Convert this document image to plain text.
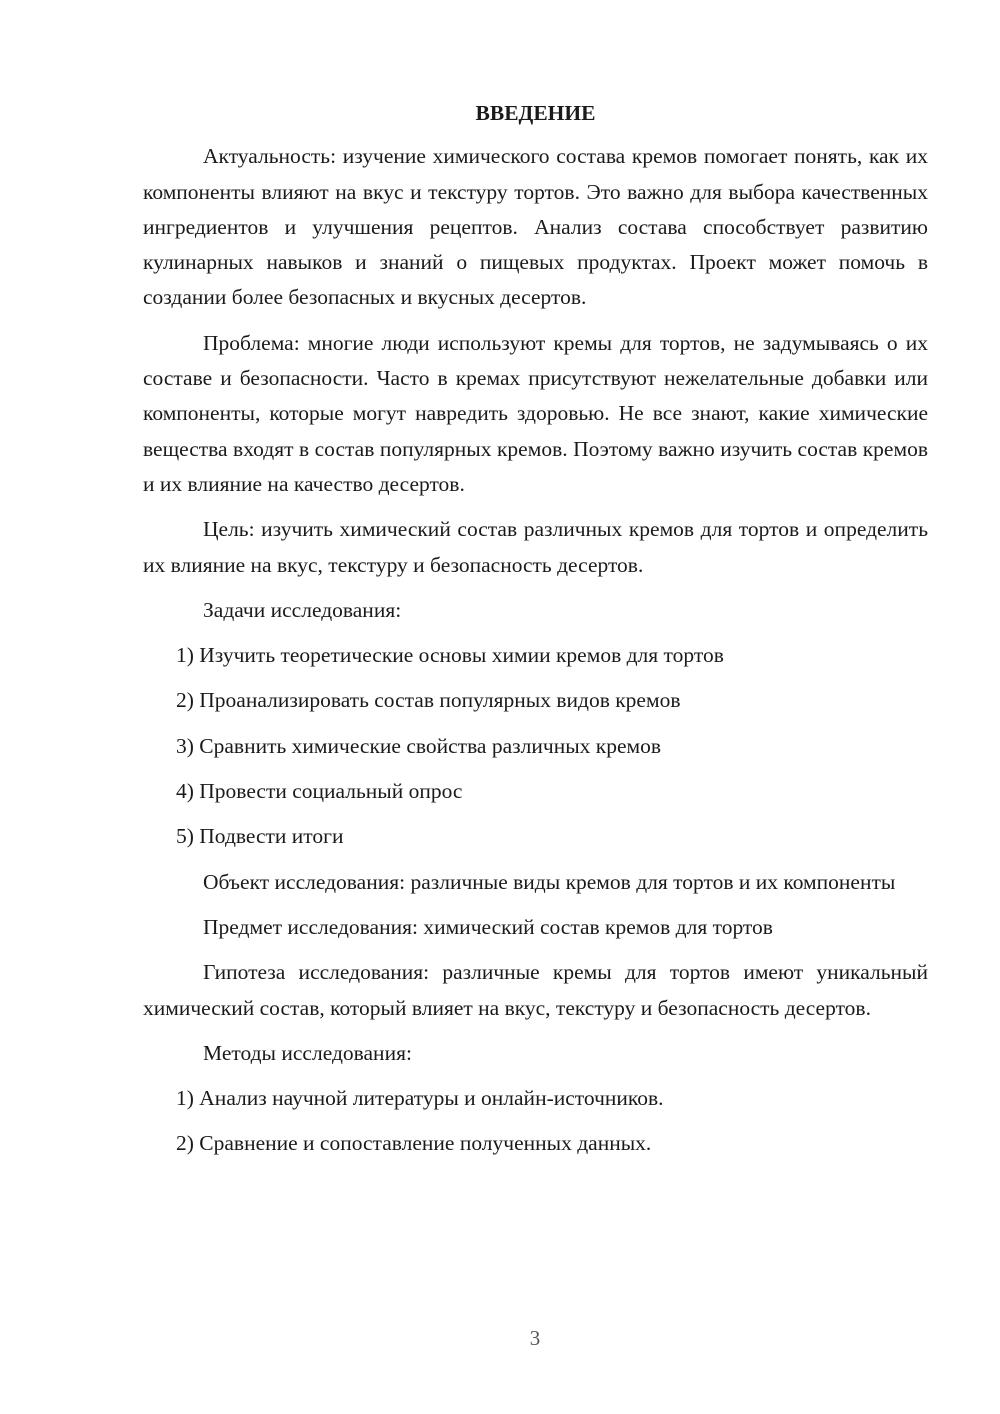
ВВЕДЕНИЕ

Актуальность: изучение химического состава кремов помогает понять, как их компоненты влияют на вкус и текстуру тортов. Это важно для выбора качественных ингредиентов и улучшения рецептов. Анализ состава способствует развитию кулинарных навыков и знаний о пищевых продуктах. Проект может помочь в создании более безопасных и вкусных десертов.

Проблема: многие люди используют кремы для тортов, не задумываясь о их составе и безопасности. Часто в кремах присутствуют нежелательные добавки или компоненты, которые могут навредить здоровью. Не все знают, какие химические вещества входят в состав популярных кремов. Поэтому важно изучить состав кремов и их влияние на качество десертов.

Цель: изучить химический состав различных кремов для тортов и определить их влияние на вкус, текстуру и безопасность десертов.

Задачи исследования:

1) Изучить теоретические основы химии кремов для тортов
2) Проанализировать состав популярных видов кремов
3) Сравнить химические свойства различных кремов
4) Провести социальный опрос
5) Подвести итоги

Объект исследования: различные виды кремов для тортов и их компоненты

Предмет исследования: химический состав кремов для тортов

Гипотеза исследования: различные кремы для тортов имеют уникальный химический состав, который влияет на вкус, текстуру и безопасность десертов.

Методы исследования:

1) Анализ научной литературы и онлайн-источников.
2) Сравнение и сопоставление полученных данных.
3
